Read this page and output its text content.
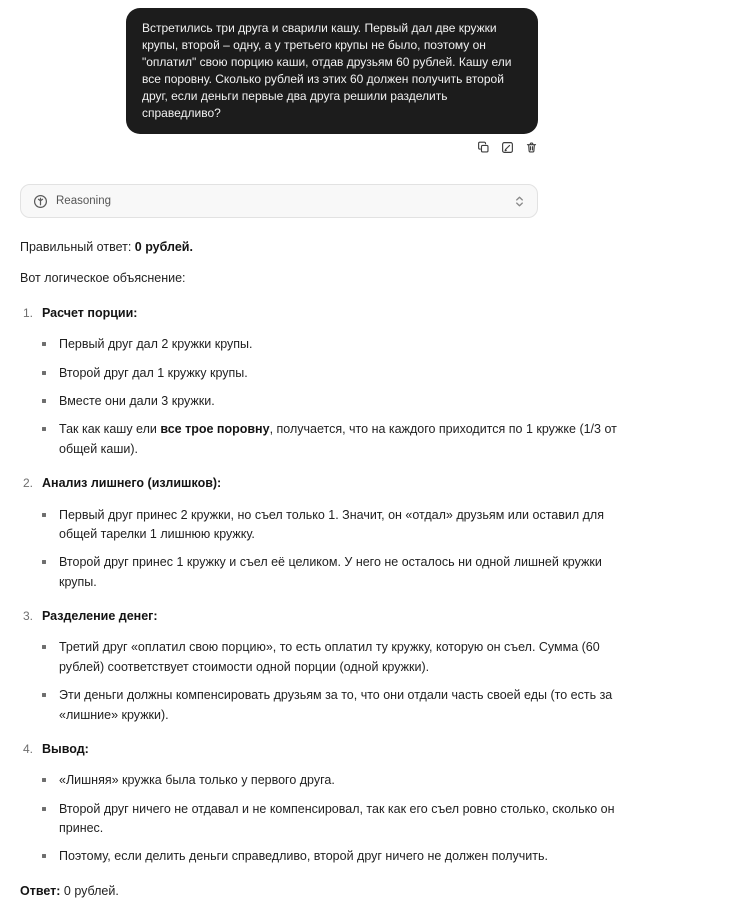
Встретились три друга и сварили кашу. Первый дал две кружки крупы, второй – одну, а у третьего крупы не было, поэтому он "оплатил" свою порцию каши, отдав друзьям 60 рублей. Кашу ели все поровну. Сколько рублей из этих 60 должен получить второй друг, если деньги первые два друга решили разделить справедливо?
Reasoning

Правильный ответ: 0 рублей.

Вот логическое объяснение:

1. Расчет порции:
Первый друг дал 2 кружки крупы.
Второй друг дал 1 кружку крупы.
Вместе они дали 3 кружки.
Так как кашу ели все трое поровну, получается, что на каждого приходится по 1 кружке (1/3 от общей каши).
2. Анализ лишнего (излишков):
Первый друг принес 2 кружки, но съел только 1. Значит, он «отдал» друзьям или оставил для общей тарелки 1 лишнюю кружку.
Второй друг принес 1 кружку и съел её целиком. У него не осталось ни одной лишней кружки крупы.
3. Разделение денег:
Третий друг «оплатил свою порцию», то есть оплатил ту кружку, которую он съел. Сумма (60 рублей) соответствует стоимости одной порции (одной кружки).
Эти деньги должны компенсировать друзьям за то, что они отдали часть своей еды (то есть за «лишние» кружки).
4. Вывод:
«Лишняя» кружка была только у первого друга.
Второй друг ничего не отдавал и не компенсировал, так как его съел ровно столько, сколько он принес.
Поэтому, если делить деньги справедливо, второй друг ничего не должен получить.

Ответ: 0 рублей.
